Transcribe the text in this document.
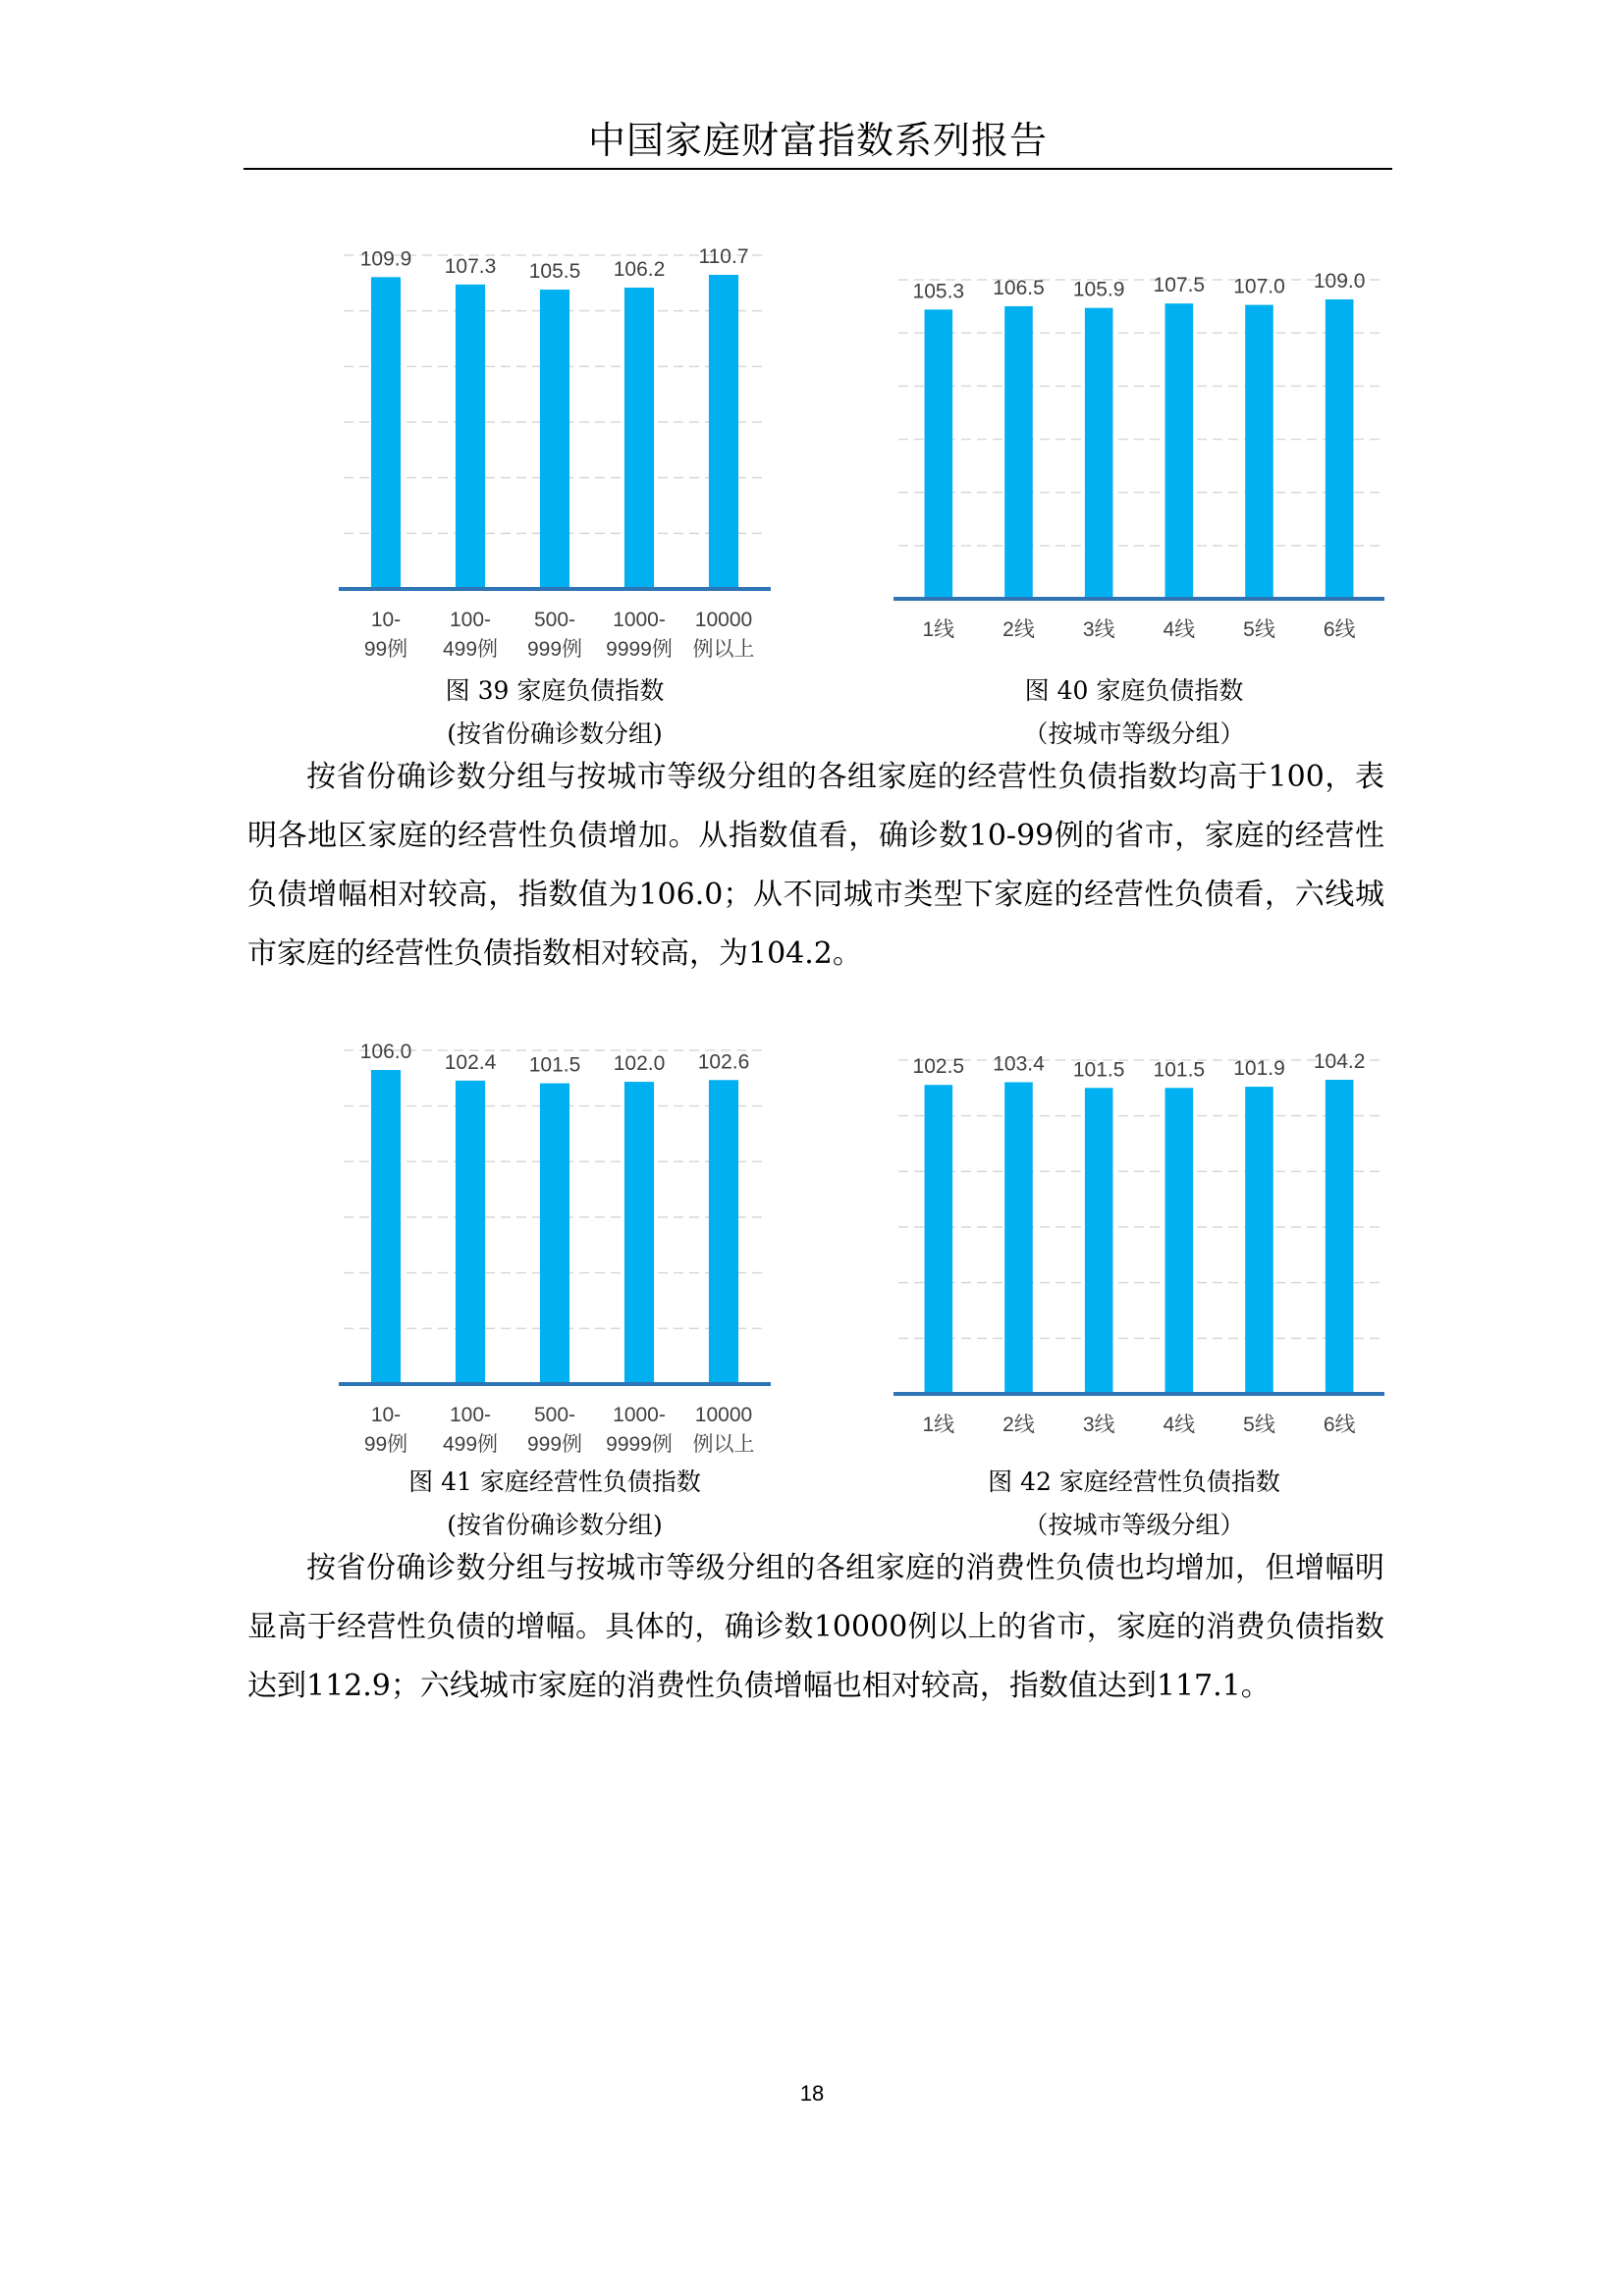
中国家庭财富指数系列报告
109.9
10-
99例
107.3
100-
499例
105.5
500-
999例
106.2
1000-
9999例
110.7
10000
例以上
图 39 家庭负债指数
(按省份确诊数分组)
105.3
1线
106.5
2线
105.9
3线
107.5
4线
107.0
5线
109.0
6线
图 40 家庭负债指数
（按城市等级分组）

按省份确诊数分组与按城市等级分组的各组家庭的经营性负债指数均高于100，表明各地区家庭的经营性负债增加。从指数值看，确诊数10-99例的省市，家庭的经营性负债增幅相对较高，指数值为106.0；从不同城市类型下家庭的经营性负债看，六线城市家庭的经营性负债指数相对较高，为104.2。

106.0
10-
99例
102.4
100-
499例
101.5
500-
999例
102.0
1000-
9999例
102.6
10000
例以上
图 41 家庭经营性负债指数
(按省份确诊数分组)
102.5
1线
103.4
2线
101.5
3线
101.5
4线
101.9
5线
104.2
6线
图 42 家庭经营性负债指数
（按城市等级分组）

按省份确诊数分组与按城市等级分组的各组家庭的消费性负债也均增加，但增幅明显高于经营性负债的增幅。具体的，确诊数10000例以上的省市，家庭的消费负债指数达到112.9；六线城市家庭的消费性负债增幅也相对较高，指数值达到117.1。

18
